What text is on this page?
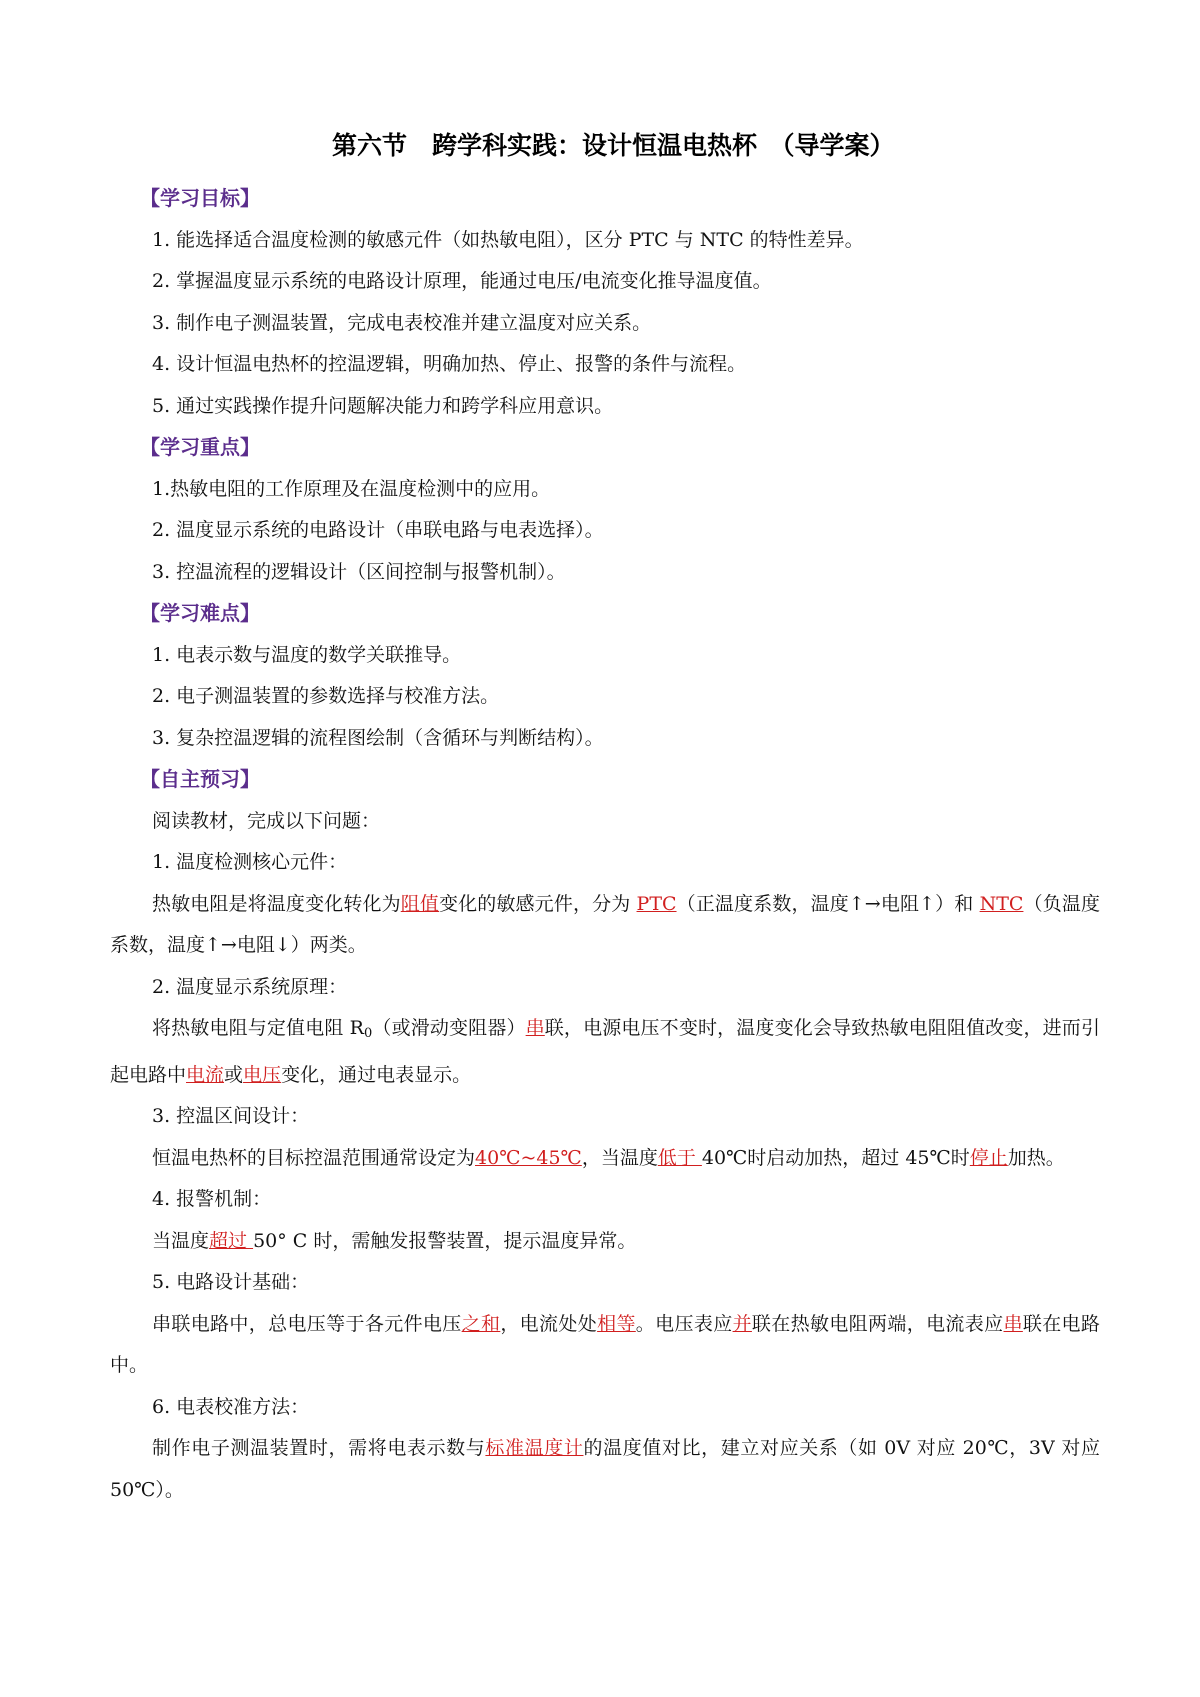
第六节　跨学科实践：设计恒温电热杯　（导学案）
【学习目标】
1. 能选择适合温度检测的敏感元件（如热敏电阻），区分 PTC 与 NTC 的特性差异。
2. 掌握温度显示系统的电路设计原理，能通过电压/电流变化推导温度值。
3. 制作电子测温装置，完成电表校准并建立温度对应关系。
4. 设计恒温电热杯的控温逻辑，明确加热、停止、报警的条件与流程。
5. 通过实践操作提升问题解决能力和跨学科应用意识。
【学习重点】
1.热敏电阻的工作原理及在温度检测中的应用。
2. 温度显示系统的电路设计（串联电路与电表选择）。
3. 控温流程的逻辑设计（区间控制与报警机制）。
【学习难点】
1. 电表示数与温度的数学关联推导。
2. 电子测温装置的参数选择与校准方法。
3. 复杂控温逻辑的流程图绘制（含循环与判断结构）。
【自主预习】
阅读教材，完成以下问题：
1. 温度检测核心元件：

热敏电阻是将温度变化转化为阻值变化的敏感元件，分为 PTC（正温度系数，温度↑→电阻↑）和 NTC（负温度系数，温度↑→电阻↓）两类。

2. 温度显示系统原理：

将热敏电阻与定值电阻 $R_0$（或滑动变阻器）串联，电源电压不变时，温度变化会导致热敏电阻阻值改变，进而引起电路中电流或电压变化，通过电表显示。

3. 控温区间设计：

恒温电热杯的目标控温范围通常设定为40℃~45℃，当温度低于 40℃时启动加热，超过 45℃时停止加热。

4. 报警机制：

当温度超过 50° C 时，需触发报警装置，提示温度异常。

5. 电路设计基础：

串联电路中，总电压等于各元件电压之和，电流处处相等。电压表应并联在热敏电阻两端，电流表应串联在电路中。

6. 电表校准方法：

制作电子测温装置时，需将电表示数与标准温度计的温度值对比，建立对应关系（如 0V 对应 20℃，3V 对应 50℃）。
